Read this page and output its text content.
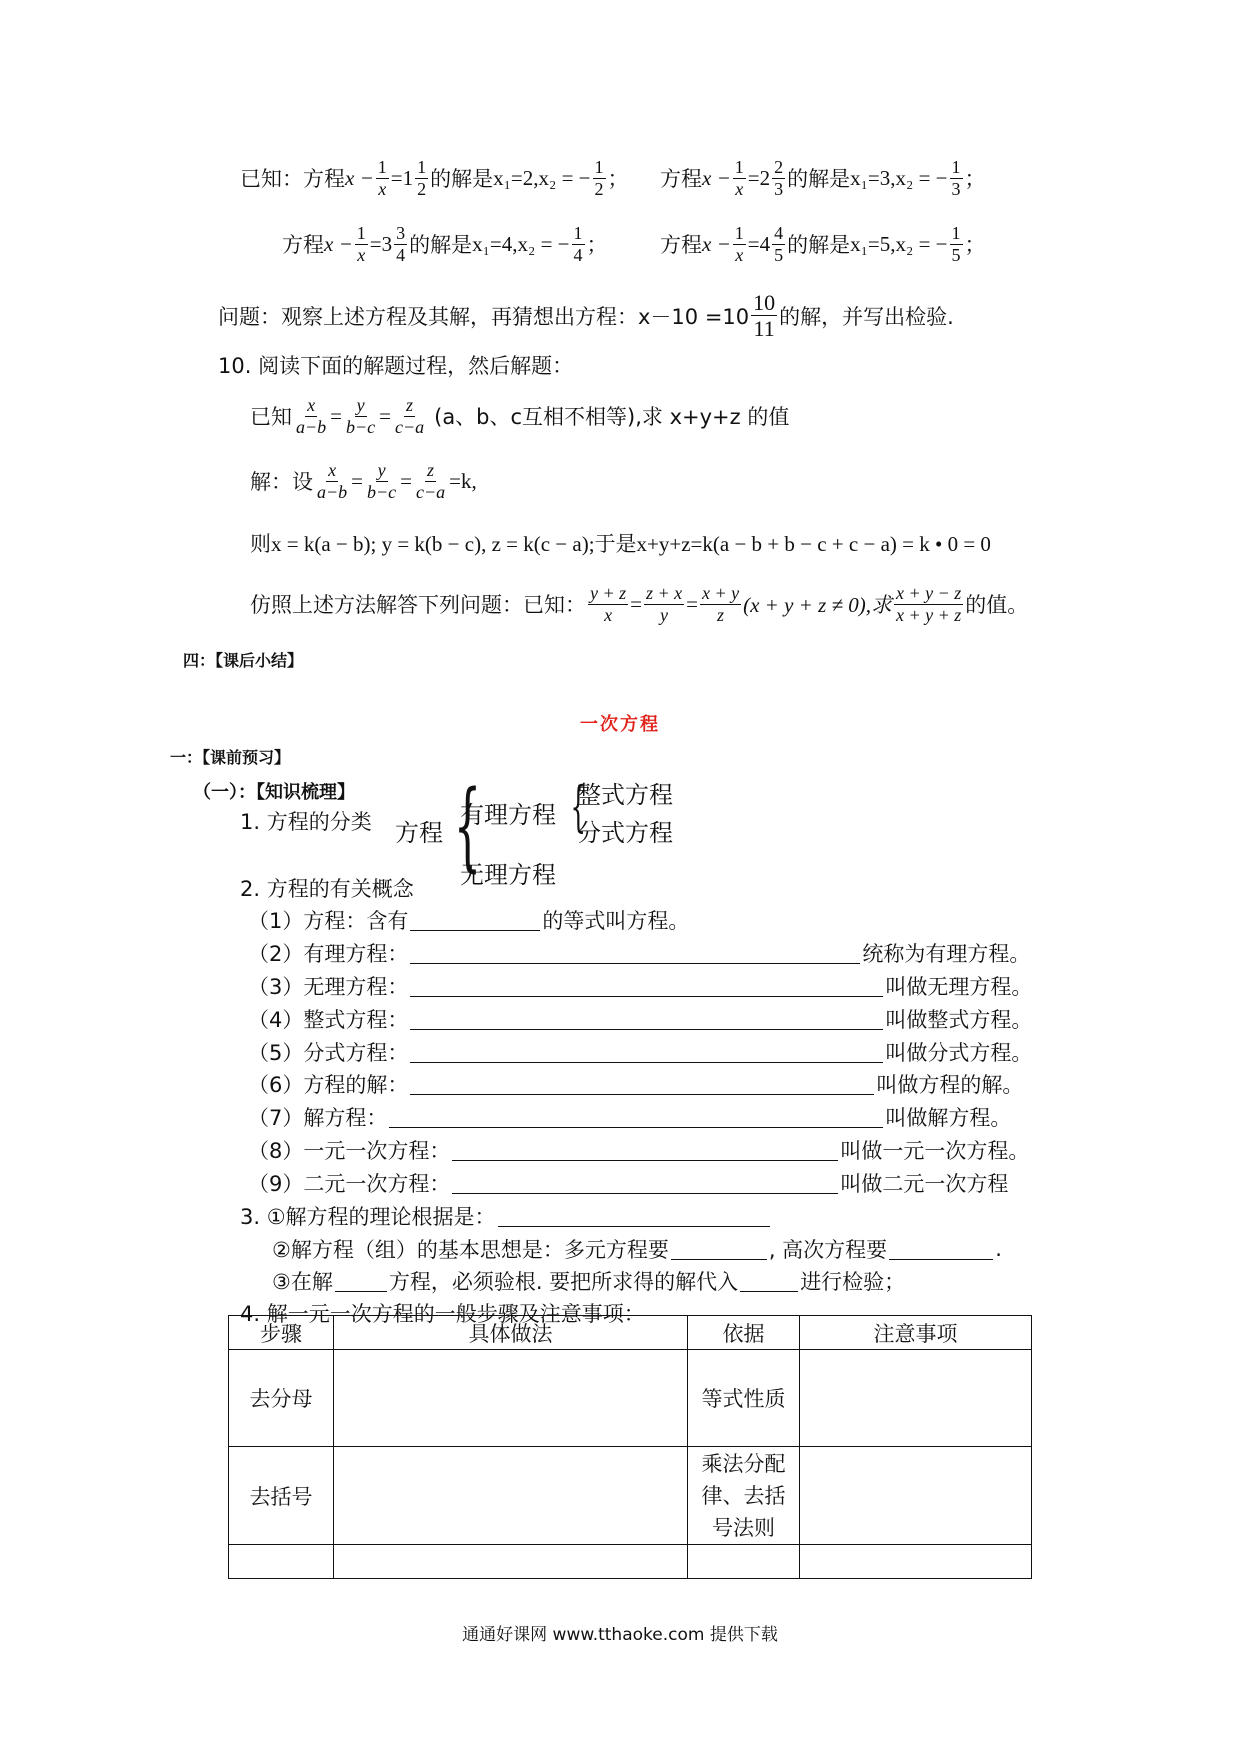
已知： 方程 $x - \frac{1}{x} = 1 \frac{1}{2}$ 的解是 x₁=2,x₂ = − $\frac{1}{2}$ ； 方程 $x - \frac{1}{x} = 2 \frac{2}{3}$ 的解是 x₁=3,x₂ = − $\frac{1}{3}$ ；
方程 $x - \frac{1}{x} = 3 \frac{3}{4}$ 的解是 x₁=4,x₂ = − $\frac{1}{4}$ ； 方程 $x - \frac{1}{x} = 4 \frac{4}{5}$ 的解是 x₁=5,x₂ = − $\frac{1}{5}$ ；
问题：观察上述方程及其解，再猜想出方程：$x-10 =10 \frac{10}{11}$ 的解，并写出检验.
10. 阅读下面的解题过程，然后解题：
已知 $\frac{x}{a-b} = \frac{y}{b-c} = \frac{z}{c-a} (a$、b、c互相不相等),求 x+y+z 的值
解：设 $\frac{x}{a-b} = \frac{y}{b-c} = \frac{z}{c-a} =k$,
则x = k(a − b); y = k(b − c), z = k(c − a);于是x+y+z=k(a − b + b − c + c − a) = k • 0 = 0
仿照上述方法解答下列问题：已知： $\frac{y + z}{x} = \frac{z + x}{y} = \frac{x + y}{z} (x + y + z \ne 0)$,求 $\frac{x + y - z}{x + y + z}$ 的值。
四：【课后小结】
一次方程
一：【课前预习】
（一）：【知识梳理】
1. 方程的分类 方程 {
有理方程 {
整式方程
分式方程
无理方程
2. 方程的有关概念
（1）方程：含有	的等式叫方程。
（2）有理方程：	统称为有理方程。
（3）无理方程：	叫做无理方程。
（4）整式方程：	叫做整式方程。
（5）分式方程：	叫做分式方程。
（6）方程的解：	叫做方程的解。
（7）解方程：	叫做解方程。
（8）一元一次方程：	叫做一元一次方程。
（9）二元一次方程：	叫做二元一次方程
3. ①解方程的理论根据是：
②解方程（组）的基本思想是：多元方程要	, 高次方程要	.
③在解	方程，必须验根. 要把所求得的解代入	进行检验；
4. 解一元一次方程的一般步骤及注意事项：
步骤	具体做法	依据	注意事项
去分母		等式性质	
去括号		乘法分配
律、去括
号法则	

通通好课网 www.tthaoke.com 提供下载
